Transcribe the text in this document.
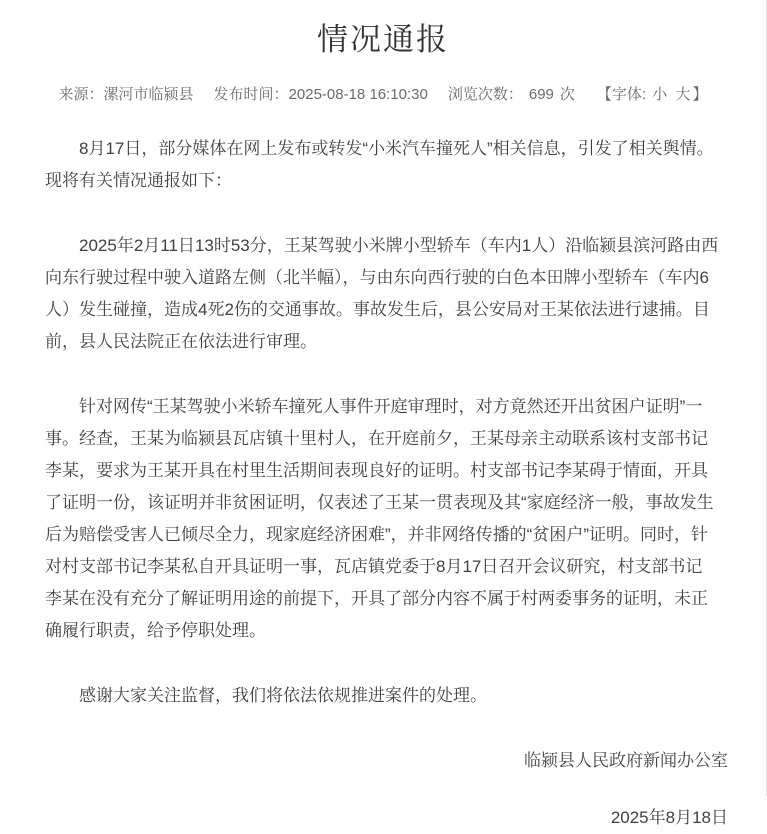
情况通报
来源：漯河市临颍县 发布时间：2025-08-18 16:10:30 浏览次数： 699 次 【字体: 小 大 】

8月17日，部分媒体在网上发布或转发“小米汽车撞死人”相关信息，引发了相关舆情。现将有关情况通报如下：

2025年2月11日13时53分，王某驾驶小米牌小型轿车（车内1人）沿临颍县滨河路由西向东行驶过程中驶入道路左侧（北半幅），与由东向西行驶的白色本田牌小型轿车（车内6人）发生碰撞，造成4死2伤的交通事故。事故发生后，县公安局对王某依法进行逮捕。目前，县人民法院正在依法进行审理。

针对网传“王某驾驶小米轿车撞死人事件开庭审理时，对方竟然还开出贫困户证明”一事。经查，王某为临颍县瓦店镇十里村人，在开庭前夕，王某母亲主动联系该村支部书记李某，要求为王某开具在村里生活期间表现良好的证明。村支部书记李某碍于情面，开具了证明一份，该证明并非贫困证明，仅表述了王某一贯表现及其“家庭经济一般，事故发生后为赔偿受害人已倾尽全力，现家庭经济困难”，并非网络传播的“贫困户”证明。同时，针对村支部书记李某私自开具证明一事，瓦店镇党委于8月17日召开会议研究，村支部书记李某在没有充分了解证明用途的前提下，开具了部分内容不属于村两委事务的证明，未正确履行职责，给予停职处理。

感谢大家关注监督，我们将依法依规推进案件的处理。

临颍县人民政府新闻办公室
2025年8月18日
